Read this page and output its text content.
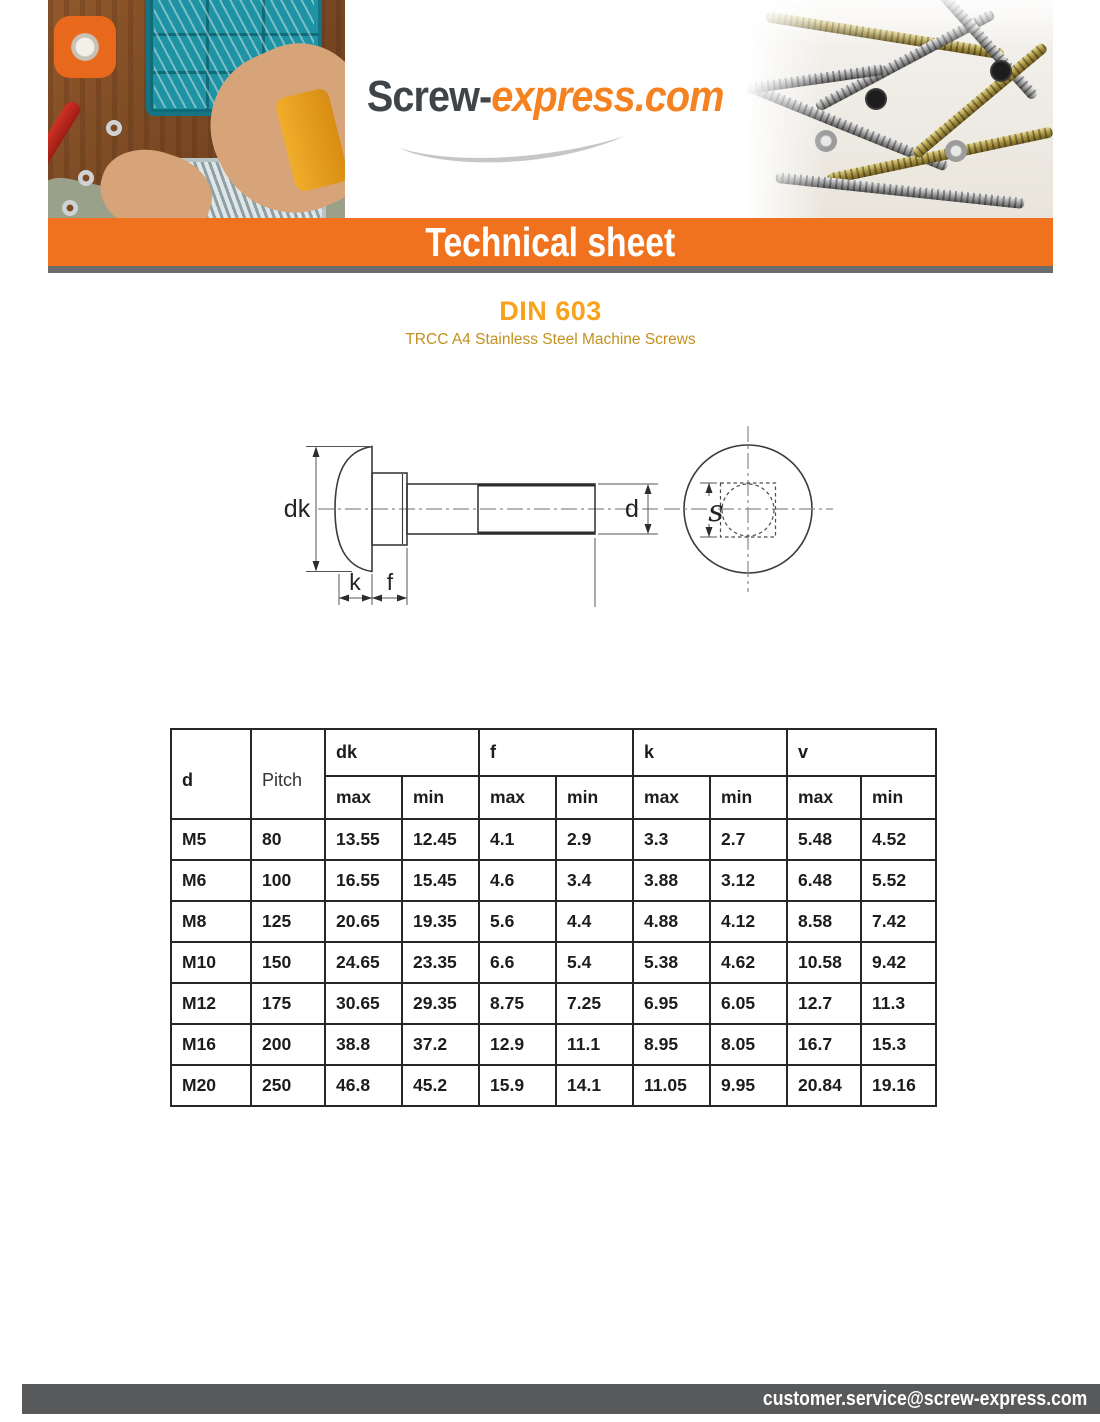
Screw-express.com
Technical sheet
DIN 603
TRCC A4 Stainless Steel Machine Screws
dk
k f
d s
d	Pitch	dk		f		k		v	
		max	min	max	min	max	min	max	min
M5	80	13.55	12.45	4.1	2.9	3.3	2.7	5.48	4.52
M6	100	16.55	15.45	4.6	3.4	3.88	3.12	6.48	5.52
M8	125	20.65	19.35	5.6	4.4	4.88	4.12	8.58	7.42
M10	150	24.65	23.35	6.6	5.4	5.38	4.62	10.58	9.42
M12	175	30.65	29.35	8.75	7.25	6.95	6.05	12.7	11.3
M16	200	38.8	37.2	12.9	11.1	8.95	8.05	16.7	15.3
M20	250	46.8	45.2	15.9	14.1	11.05	9.95	20.84	19.16
customer.service@screw-express.com
